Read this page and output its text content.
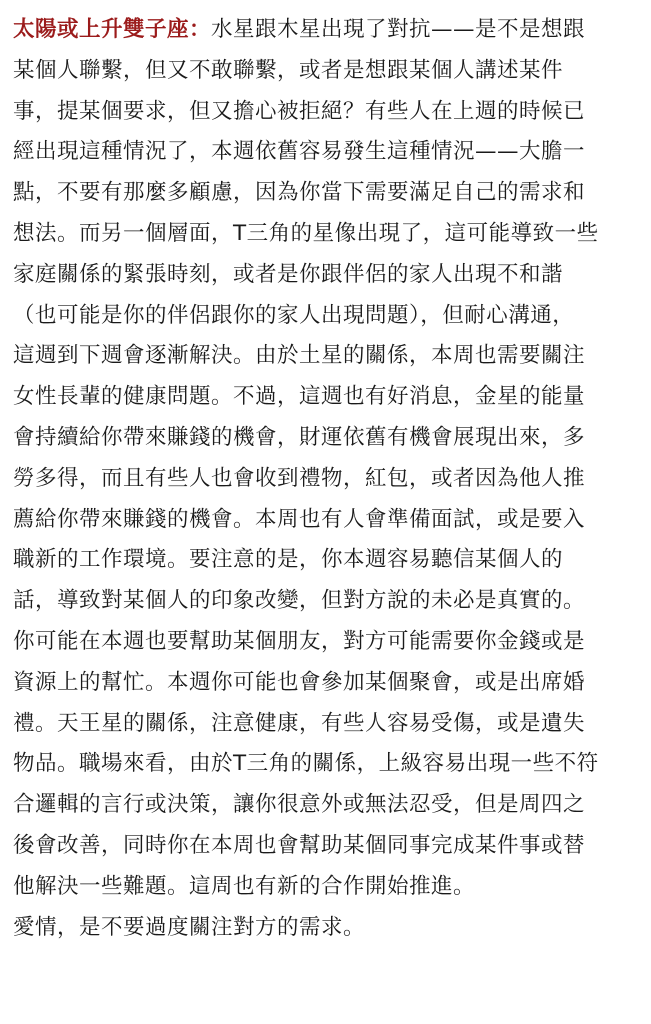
太陽或上升雙子座：水星跟木星出現了對抗——是不是想跟
某個人聯繫，但又不敢聯繫，或者是想跟某個人講述某件
事，提某個要求，但又擔心被拒絕？有些人在上週的時候已
經出現這種情況了，本週依舊容易發生這種情況——大膽一
點，不要有那麼多顧慮，因為你當下需要滿足自己的需求和
想法。而另一個層面，T三角的星像出現了，這可能導致一些
家庭關係的緊張時刻，或者是你跟伴侶的家人出現不和諧
（也可能是你的伴侶跟你的家人出現問題），但耐心溝通，
這週到下週會逐漸解決。由於土星的關係，本周也需要關注
女性長輩的健康問題。不過，這週也有好消息，金星的能量
會持續給你帶來賺錢的機會，財運依舊有機會展現出來，多
勞多得，而且有些人也會收到禮物，紅包，或者因為他人推
薦給你帶來賺錢的機會。本周也有人會準備面試，或是要入
職新的工作環境。要注意的是，你本週容易聽信某個人的
話，導致對某個人的印象改變，但對方說的未必是真實的。
你可能在本週也要幫助某個朋友，對方可能需要你金錢或是
資源上的幫忙。本週你可能也會參加某個聚會，或是出席婚
禮。天王星的關係，注意健康，有些人容易受傷，或是遺失
物品。職場來看，由於T三角的關係，上級容易出現一些不符
合邏輯的言行或決策，讓你很意外或無法忍受，但是周四之
後會改善，同時你在本周也會幫助某個同事完成某件事或替
他解決一些難題。這周也有新的合作開始推進。
愛情，是不要過度關注對方的需求。
